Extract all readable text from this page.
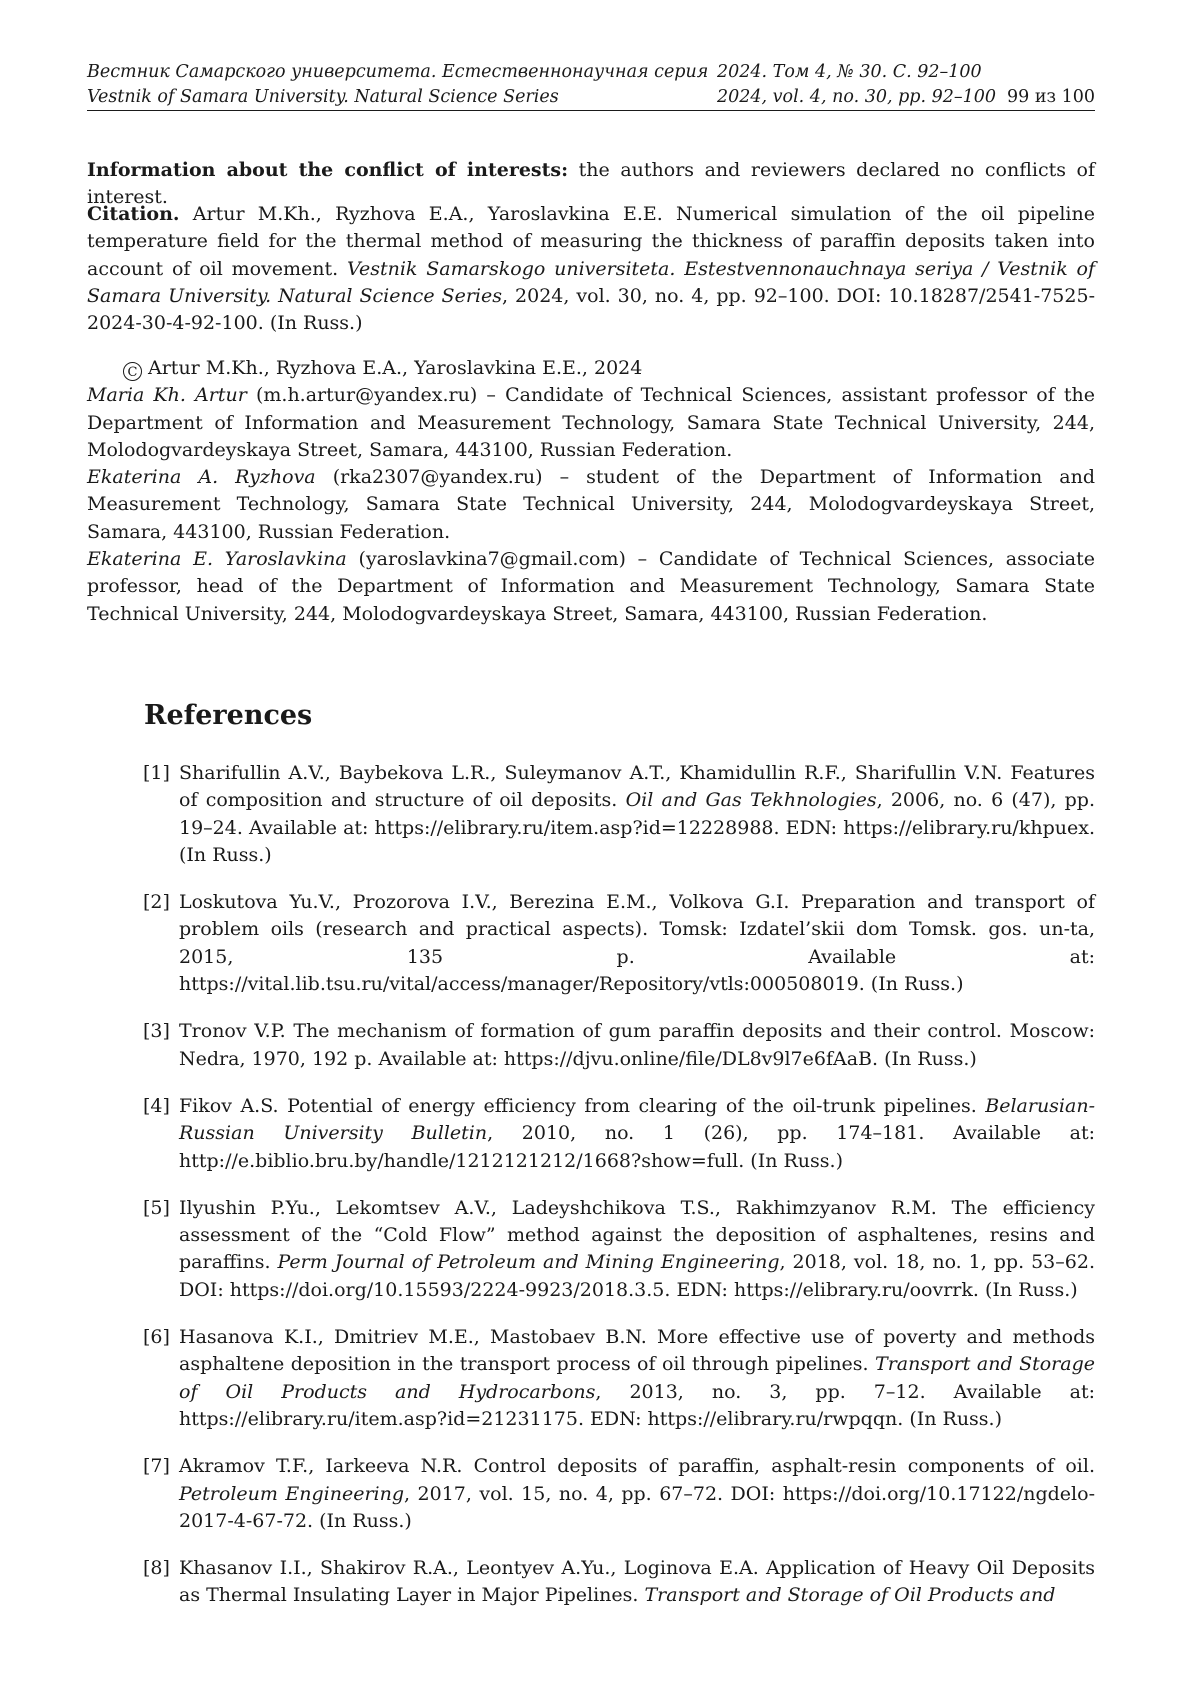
Вестник Самарского университета. Естественнонаучная серия 2024. Том 4, № 30. С. 92–100
Vestnik of Samara University. Natural Science Series	2024, vol. 4, no. 30, pp. 92–100 99 из 100
Information about the conflict of interests: the authors and reviewers declared no conflicts of interest.
Citation. Artur M.Kh., Ryzhova E.A., Yaroslavkina E.E. Numerical simulation of the oil pipeline temperature field for the thermal method of measuring the thickness of paraffin deposits taken into account of oil movement. Vestnik Samarskogo universiteta. Estestvennonauchnaya seriya / Vestnik of Samara University. Natural Science Series, 2024, vol. 30, no. 4, pp. 92–100. DOI: 10.18287/2541-7525-2024-30-4-92-100. (In Russ.)
C Artur M.Kh., Ryzhova E.A., Yaroslavkina E.E., 2024
Maria Kh. Artur (m.h.artur@yandex.ru) – Candidate of Technical Sciences, assistant professor of the Department of Information and Measurement Technology, Samara State Technical University, 244, Molodogvardeyskaya Street, Samara, 443100, Russian Federation.
Ekaterina A. Ryzhova (rka2307@yandex.ru) – student of the Department of Information and Measurement Technology, Samara State Technical University, 244, Molodogvardeyskaya Street, Samara, 443100, Russian Federation.
Ekaterina E. Yaroslavkina (yaroslavkina7@gmail.com) – Candidate of Technical Sciences, associate professor, head of the Department of Information and Measurement Technology, Samara State Technical University, 244, Molodogvardeyskaya Street, Samara, 443100, Russian Federation.
References
[1] Sharifullin A.V., Baybekova L.R., Suleymanov A.T., Khamidullin R.F., Sharifullin V.N. Features of composition and structure of oil deposits. Oil and Gas Tekhnologies, 2006, no. 6 (47), pp. 19–24. Available at: https://elibrary.ru/item.asp?id=12228988. EDN: https://elibrary.ru/khpuex. (In Russ.)
[2] Loskutova Yu.V., Prozorova I.V., Berezina E.M., Volkova G.I. Preparation and transport of problem oils (research and practical aspects). Tomsk: Izdatel’skii dom Tomsk. gos. un-ta, 2015, 135 p. Available at: https://vital.lib.tsu.ru/vital/access/manager/Repository/vtls:000508019. (In Russ.)
[3] Tronov V.P. The mechanism of formation of gum paraffin deposits and their control. Moscow: Nedra, 1970, 192 p. Available at: https://djvu.online/file/DL8v9l7e6fAaB. (In Russ.)
[4] Fikov A.S. Potential of energy efficiency from clearing of the oil-trunk pipelines. Belarusian-Russian University Bulletin, 2010, no. 1 (26), pp. 174–181. Available at: http://e.biblio.bru.by/handle/1212121212/1668?show=full. (In Russ.)
[5] Ilyushin P.Yu., Lekomtsev A.V., Ladeyshchikova T.S., Rakhimzyanov R.M. The efficiency assessment of the “Cold Flow” method against the deposition of asphaltenes, resins and paraffins. Perm Journal of Petroleum and Mining Engineering, 2018, vol. 18, no. 1, pp. 53–62. DOI: https://doi.org/10.15593/2224-9923/2018.3.5. EDN: https://elibrary.ru/oovrrk. (In Russ.)
[6] Hasanova K.I., Dmitriev M.E., Mastobaev B.N. More effective use of poverty and methods asphaltene deposition in the transport process of oil through pipelines. Transport and Storage of Oil Products and Hydrocarbons, 2013, no. 3, pp. 7–12. Available at: https://elibrary.ru/item.asp?id=21231175. EDN: https://elibrary.ru/rwpqqn. (In Russ.)
[7] Akramov T.F., Iarkeeva N.R. Control deposits of paraffin, asphalt-resin components of oil. Petroleum Engineering, 2017, vol. 15, no. 4, pp. 67–72. DOI: https://doi.org/10.17122/ngdelo-2017-4-67-72. (In Russ.)
[8] Khasanov I.I., Shakirov R.A., Leontyev A.Yu., Loginova E.A. Application of Heavy Oil Deposits as Thermal Insulating Layer in Major Pipelines. Transport and Storage of Oil Products and
